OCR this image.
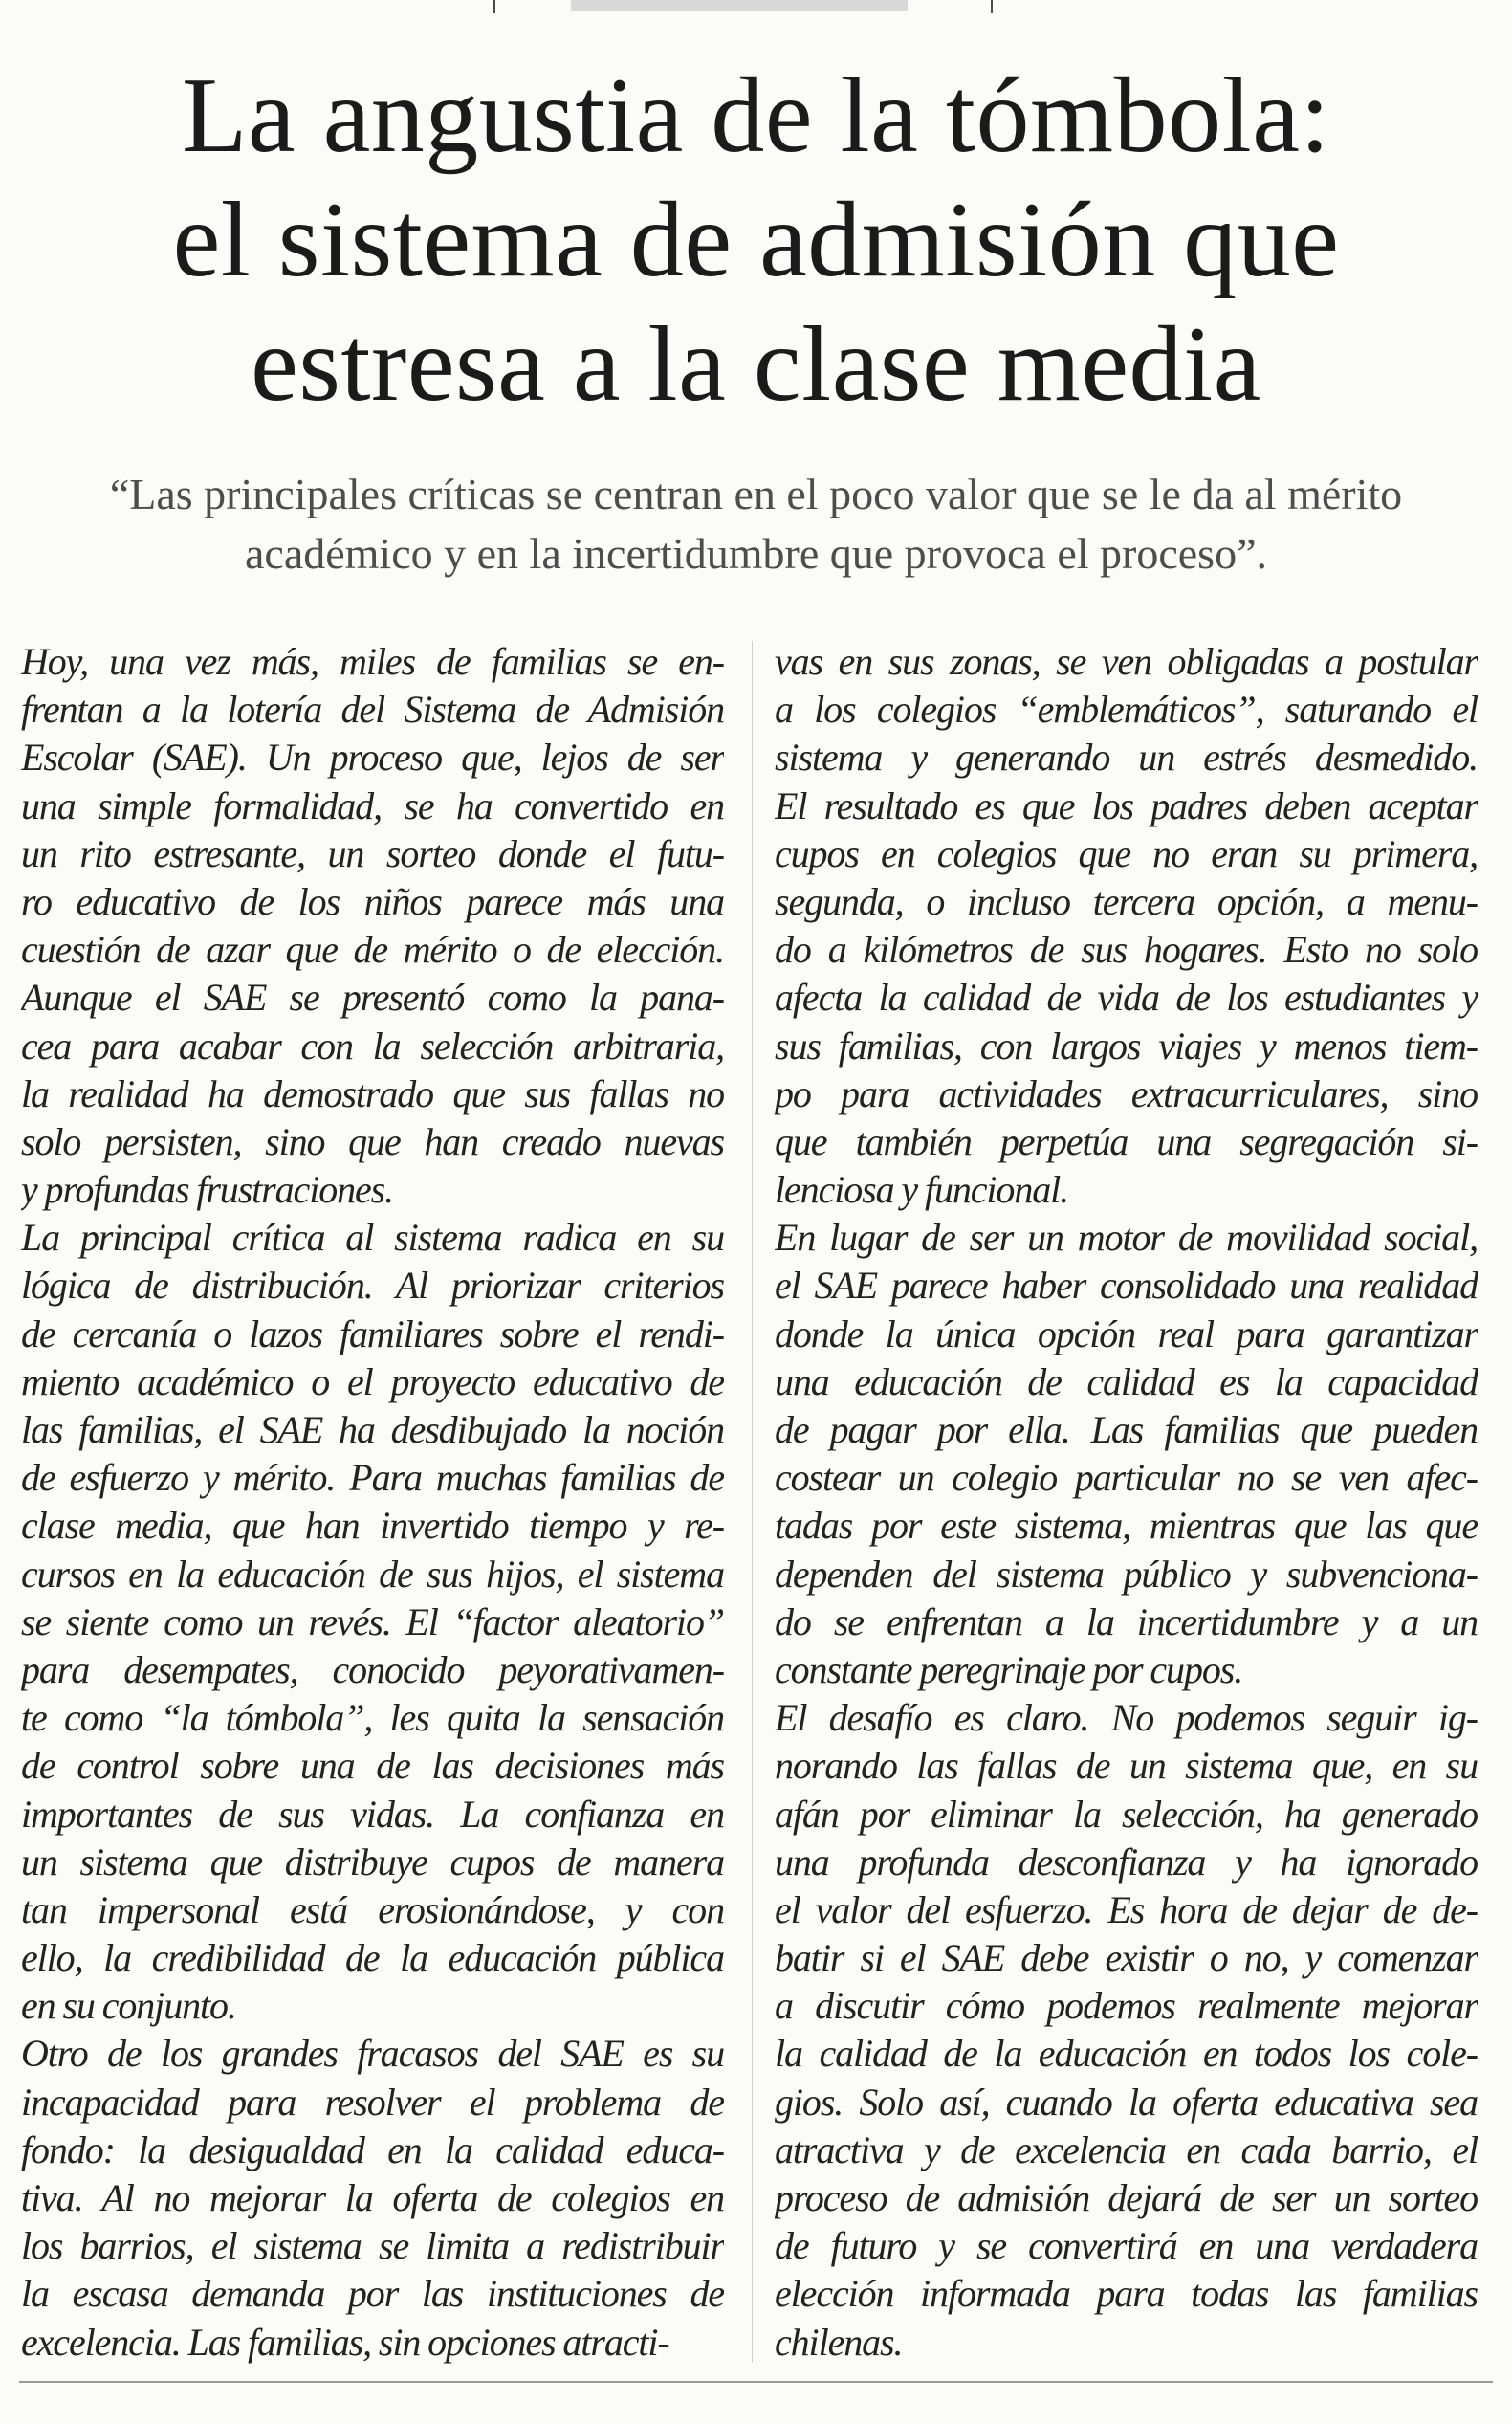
La angustia de la tómbola:
el sistema de admisión que
estresa a la clase media

“Las principales críticas se centran en el poco valor que se le da al mérito
académico y en la incertidumbre que provoca el proceso”.

Hoy, una vez más, miles de familias se en-
frentan a la lotería del Sistema de Admisión
Escolar (SAE). Un proceso que, lejos de ser
una simple formalidad, se ha convertido en
un rito estresante, un sorteo donde el futu-
ro educativo de los niños parece más una
cuestión de azar que de mérito o de elección.
Aunque el SAE se presentó como la pana-
cea para acabar con la selección arbitraria,
la realidad ha demostrado que sus fallas no
solo persisten, sino que han creado nuevas
y profundas frustraciones.
La principal crítica al sistema radica en su
lógica de distribución. Al priorizar criterios
de cercanía o lazos familiares sobre el rendi-
miento académico o el proyecto educativo de
las familias, el SAE ha desdibujado la noción
de esfuerzo y mérito. Para muchas familias de
clase media, que han invertido tiempo y re-
cursos en la educación de sus hijos, el sistema
se siente como un revés. El “factor aleatorio”
para desempates, conocido peyorativamen-
te como “la tómbola”, les quita la sensación
de control sobre una de las decisiones más
importantes de sus vidas. La confianza en
un sistema que distribuye cupos de manera
tan impersonal está erosionándose, y con
ello, la credibilidad de la educación pública
en su conjunto.
Otro de los grandes fracasos del SAE es su
incapacidad para resolver el problema de
fondo: la desigualdad en la calidad educa-
tiva. Al no mejorar la oferta de colegios en
los barrios, el sistema se limita a redistribuir
la escasa demanda por las instituciones de
excelencia. Las familias, sin opciones atracti-
vas en sus zonas, se ven obligadas a postular
a los colegios “emblemáticos”, saturando el
sistema y generando un estrés desmedido.
El resultado es que los padres deben aceptar
cupos en colegios que no eran su primera,
segunda, o incluso tercera opción, a menu-
do a kilómetros de sus hogares. Esto no solo
afecta la calidad de vida de los estudiantes y
sus familias, con largos viajes y menos tiem-
po para actividades extracurriculares, sino
que también perpetúa una segregación si-
lenciosa y funcional.
En lugar de ser un motor de movilidad social,
el SAE parece haber consolidado una realidad
donde la única opción real para garantizar
una educación de calidad es la capacidad
de pagar por ella. Las familias que pueden
costear un colegio particular no se ven afec-
tadas por este sistema, mientras que las que
dependen del sistema público y subvenciona-
do se enfrentan a la incertidumbre y a un
constante peregrinaje por cupos.
El desafío es claro. No podemos seguir ig-
norando las fallas de un sistema que, en su
afán por eliminar la selección, ha generado
una profunda desconfianza y ha ignorado
el valor del esfuerzo. Es hora de dejar de de-
batir si el SAE debe existir o no, y comenzar
a discutir cómo podemos realmente mejorar
la calidad de la educación en todos los cole-
gios. Solo así, cuando la oferta educativa sea
atractiva y de excelencia en cada barrio, el
proceso de admisión dejará de ser un sorteo
de futuro y se convertirá en una verdadera
elección informada para todas las familias
chilenas.
